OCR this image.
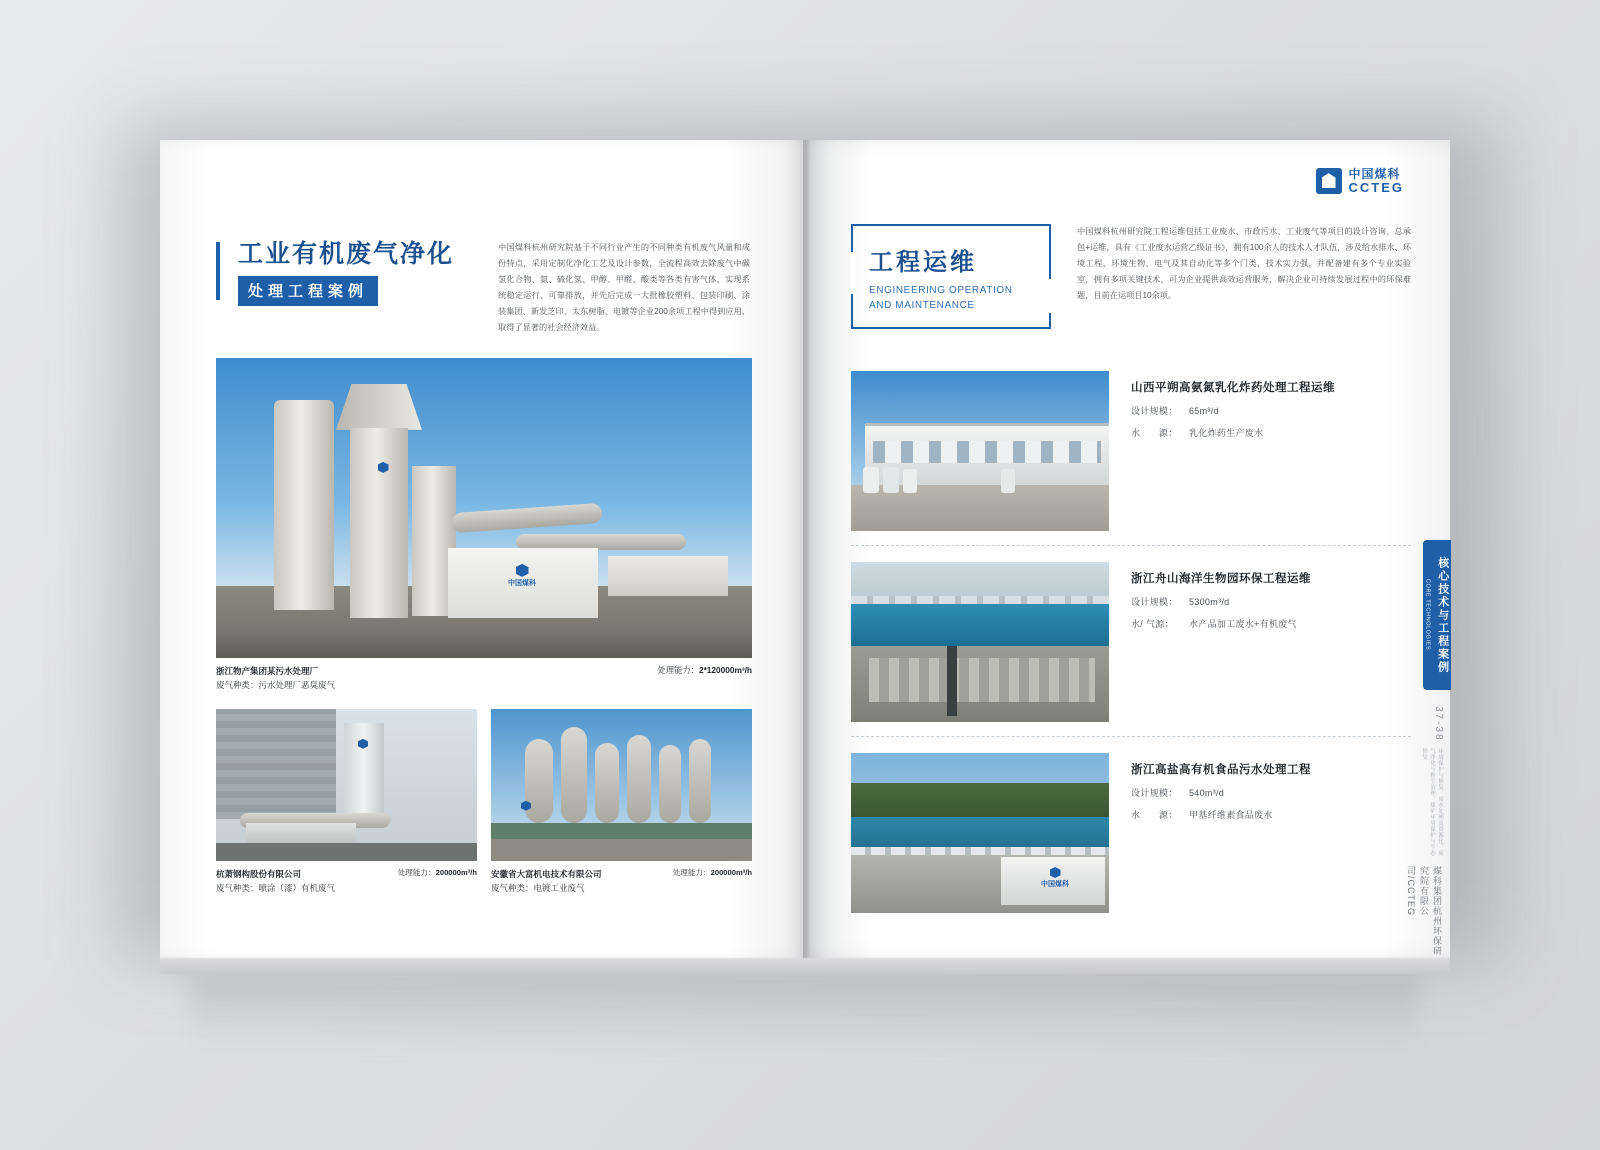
工业有机废气净化
处理工程案例
中国煤科杭州研究院基于不同行业产生的不同种类有机废气风量和成份特点，采用定制化净化工艺及设计参数，全流程高效去除废气中碳氢化合物、氨、硫化氢、甲醇、甲醛、酸类等各类有害气体，实现系统稳定运行、可靠排放，并先后完成一大批橡胶塑料、包装印刷、涂装集团、新发芝印、太东树脂、电镀等企业200余项工程中得到应用，取得了显著的社会经济效益。
中国煤科
浙江物产集团某污水处理厂
废气种类：污水处理厂恶臭废气
处理能力：2*120000m³/h
杭萧钢构股份有限公司
废气种类：喷涂（漆）有机废气
处理能力：200000m³/h 安徽省大富机电技术有限公司
废气种类：电镀工业废气
处理能力：200000m³/h
中国煤科
CCTEG
工程运维
ENGINEERING OPERATION
AND MAINTENANCE
中国煤科杭州研究院工程运维包括工业废水、市政污水、工业废气等项目的设计咨询、总承包+运维，具有《工业废水运营乙级证书》，拥有100余人的技术人才队伍，涉及给水排水、环境工程、环境生物、电气及其自动化等多个门类，技术实力强，并配备建有多个专业实验室，拥有多项关键技术，可为企业提供高效运营服务，解决企业可持续发展过程中的环保难题，目前在运项目10余项。
山西平朔高氨氮乳化炸药处理工程运维
设计规模： 65m³/d
水　　源： 乳化炸药生产废水
浙江舟山海洋生物园环保工程运维
设计规模： 5300m³/d
水/ 气源： 水产品加工废水+有机废气
中国煤科
浙江高盐高有机食品污水处理工程
设计规模： 540m³/d
水　　源： 甲基纤维素食品废水
CORE TECHNOLOGIES 核心技术与工程案例
37-38
环境保护与修复、废水处理及资源化、废气净化与粉尘治理、煤矿环境保护与生态修复
煤科集团杭州环保研究院有限公司/CCTEG
